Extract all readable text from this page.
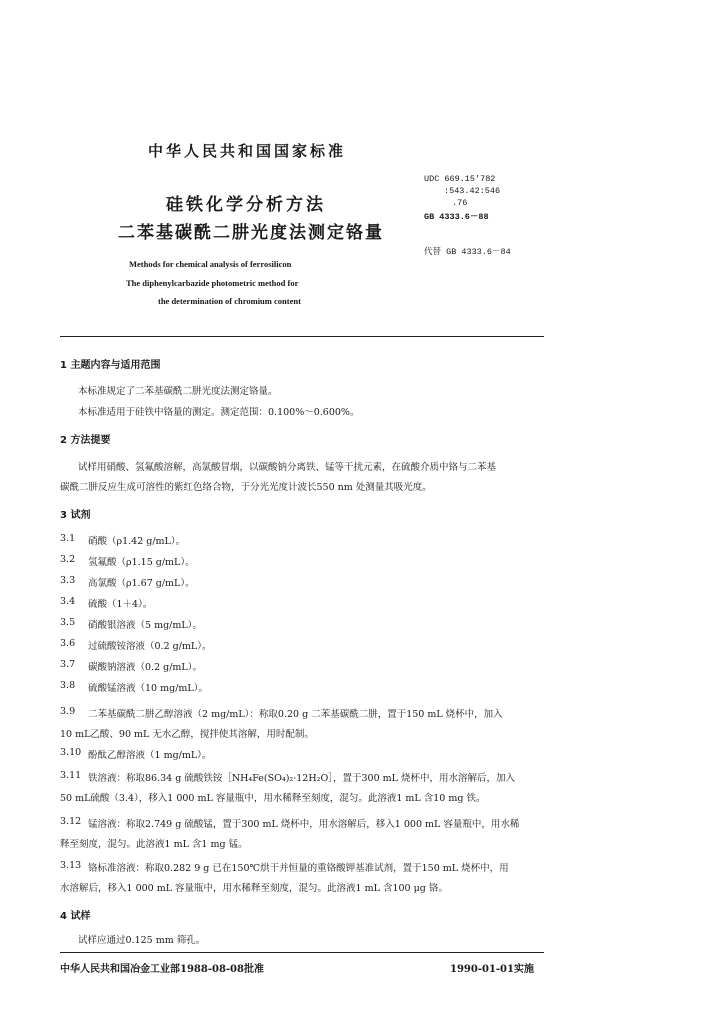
中华人民共和国国家标准
硅铁化学分析方法
二苯基碳酰二肼光度法测定铬量
Methods for chemical analysis of ferrosilicon
The diphenylcarbazide photometric method for
the determination of chromium content
UDC 669.15'782
:543.42:546
.76
GB 4333.6－88
代替 GB 4333.6－84
1 主题内容与适用范围
本标准规定了二苯基碳酰二肼光度法测定铬量。
本标准适用于硅铁中铬量的测定。测定范围：0.100%～0.600%。
2 方法提要
试样用硝酸、氢氟酸溶解，高氯酸冒烟，以碳酸钠分离铁、锰等干扰元素，在硫酸介质中铬与二苯基
碳酰二肼反应生成可溶性的紫红色络合物，于分光光度计波长550 nm 处测量其吸光度。
3 试剂
3.1 硝酸（ρ1.42 g/mL）。
3.2 氢氟酸（ρ1.15 g/mL）。
3.3 高氯酸（ρ1.67 g/mL）。
3.4 硫酸（1＋4）。
3.5 硝酸银溶液（5 mg/mL）。
3.6 过硫酸铵溶液（0.2 g/mL）。
3.7 碳酸钠溶液（0.2 g/mL）。
3.8 硫酸锰溶液（10 mg/mL）。
3.9 二苯基碳酰二肼乙醇溶液（2 mg/mL）：称取0.20 g 二苯基碳酰二肼，置于150 mL 烧杯中，加入
10 mL乙酸、90 mL 无水乙醇，搅拌使其溶解，用时配制。
3.10 酚酞乙醇溶液（1 mg/mL）。
3.11 铁溶液：称取86.34 g 硫酸铁铵［NH₄Fe(SO₄)₂·12H₂O］，置于300 mL 烧杯中，用水溶解后，加入
50 mL硫酸（3.4），移入1 000 mL 容量瓶中，用水稀释至刻度，混匀。此溶液1 mL 含10 mg 铁。
3.12 锰溶液：称取2.749 g 硫酸锰，置于300 mL 烧杯中，用水溶解后，移入1 000 mL 容量瓶中，用水稀
释至刻度，混匀。此溶液1 mL 含1 mg 锰。
3.13 铬标准溶液：称取0.282 9 g 已在150℃烘干并恒量的重铬酸钾基准试剂，置于150 mL 烧杯中，用
水溶解后，移入1 000 mL 容量瓶中，用水稀释至刻度，混匀。此溶液1 mL 含100 μg 铬。
4 试样
试样应通过0.125 mm 筛孔。
中华人民共和国冶金工业部1988-08-08批准	1990-01-01实施
